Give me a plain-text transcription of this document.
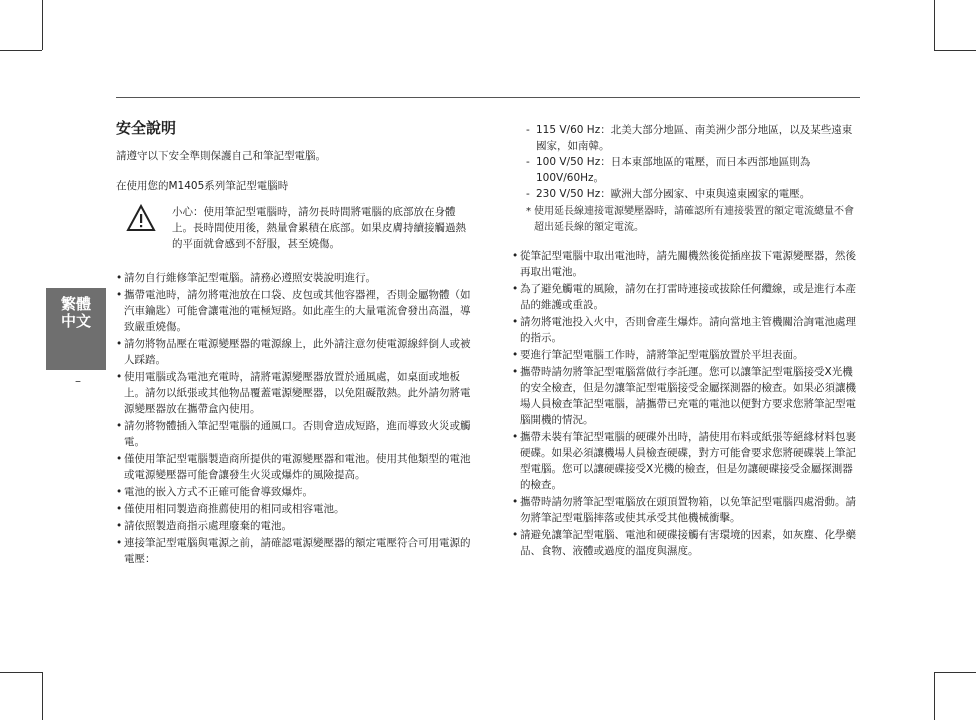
繁體中文
–
安全說明

請遵守以下安全準則保護自己和筆記型電腦。

在使用您的M1405系列筆記型電腦時

小心：使用筆記型電腦時，請勿長時間將電腦的底部放在身體上。長時間使用後，熱量會累積在底部。如果皮膚持續接觸過熱的平面就會感到不舒服，甚至燒傷。

• 請勿自行維修筆記型電腦。請務必遵照安裝說明進行。
• 攜帶電池時，請勿將電池放在口袋、皮包或其他容器裡，否則金屬物體（如汽車鑰匙）可能會讓電池的電極短路。如此產生的大量電流會發出高溫，導致嚴重燒傷。
• 請勿將物品壓在電源變壓器的電源線上，此外請注意勿使電源線絆倒人或被人踩踏。
• 使用電腦或為電池充電時，請將電源變壓器放置於通風處，如桌面或地板上。請勿以紙張或其他物品覆蓋電源變壓器，以免阻礙散熱。此外請勿將電源變壓器放在攜帶盒內使用。
• 請勿將物體插入筆記型電腦的通風口。否則會造成短路，進而導致火災或觸電。
• 僅使用筆記型電腦製造商所提供的電源變壓器和電池。使用其他類型的電池或電源變壓器可能會讓發生火災或爆炸的風險提高。
• 電池的嵌入方式不正確可能會導致爆炸。
• 僅使用相同製造商推薦使用的相同或相容電池。
• 請依照製造商指示處理廢棄的電池。
• 連接筆記型電腦與電源之前，請確認電源變壓器的額定電壓符合可用電源的電壓：
- 115 V/60 Hz：北美大部分地區、南美洲少部分地區，以及某些遠東國家，如南韓。
- 100 V/50 Hz：日本東部地區的電壓，而日本西部地區則為100V/60Hz。
- 230 V/50 Hz：歐洲大部分國家、中東與遠東國家的電壓。

* 使用延長線連接電源變壓器時，請確認所有連接裝置的額定電流總量不會超出延長線的額定電流。

• 從筆記型電腦中取出電池時，請先關機然後從插座拔下電源變壓器，然後再取出電池。
• 為了避免觸電的風險，請勿在打雷時連接或拔除任何纜線，或是進行本產品的維護或重設。
• 請勿將電池投入火中，否則會產生爆炸。請向當地主管機關洽詢電池處理的指示。
• 要進行筆記型電腦工作時，請將筆記型電腦放置於平坦表面。
• 攜帶時請勿將筆記型電腦當做行李託運。您可以讓筆記型電腦接受X光機的安全檢查，但是勿讓筆記型電腦接受金屬探測器的檢查。如果必須讓機場人員檢查筆記型電腦，請攜帶已充電的電池以便對方要求您將筆記型電腦開機的情況。
• 攜帶未裝有筆記型電腦的硬碟外出時，請使用布料或紙張等絕緣材料包裹硬碟。如果必須讓機場人員檢查硬碟，對方可能會要求您將硬碟裝上筆記型電腦。您可以讓硬碟接受X光機的檢查，但是勿讓硬碟接受金屬探測器的檢查。
• 攜帶時請勿將筆記型電腦放在頭頂置物箱，以免筆記型電腦四處滑動。請勿將筆記型電腦摔落或使其承受其他機械衝擊。
• 請避免讓筆記型電腦、電池和硬碟接觸有害環境的因素，如灰塵、化學藥品、食物、液體或過度的溫度與濕度。
